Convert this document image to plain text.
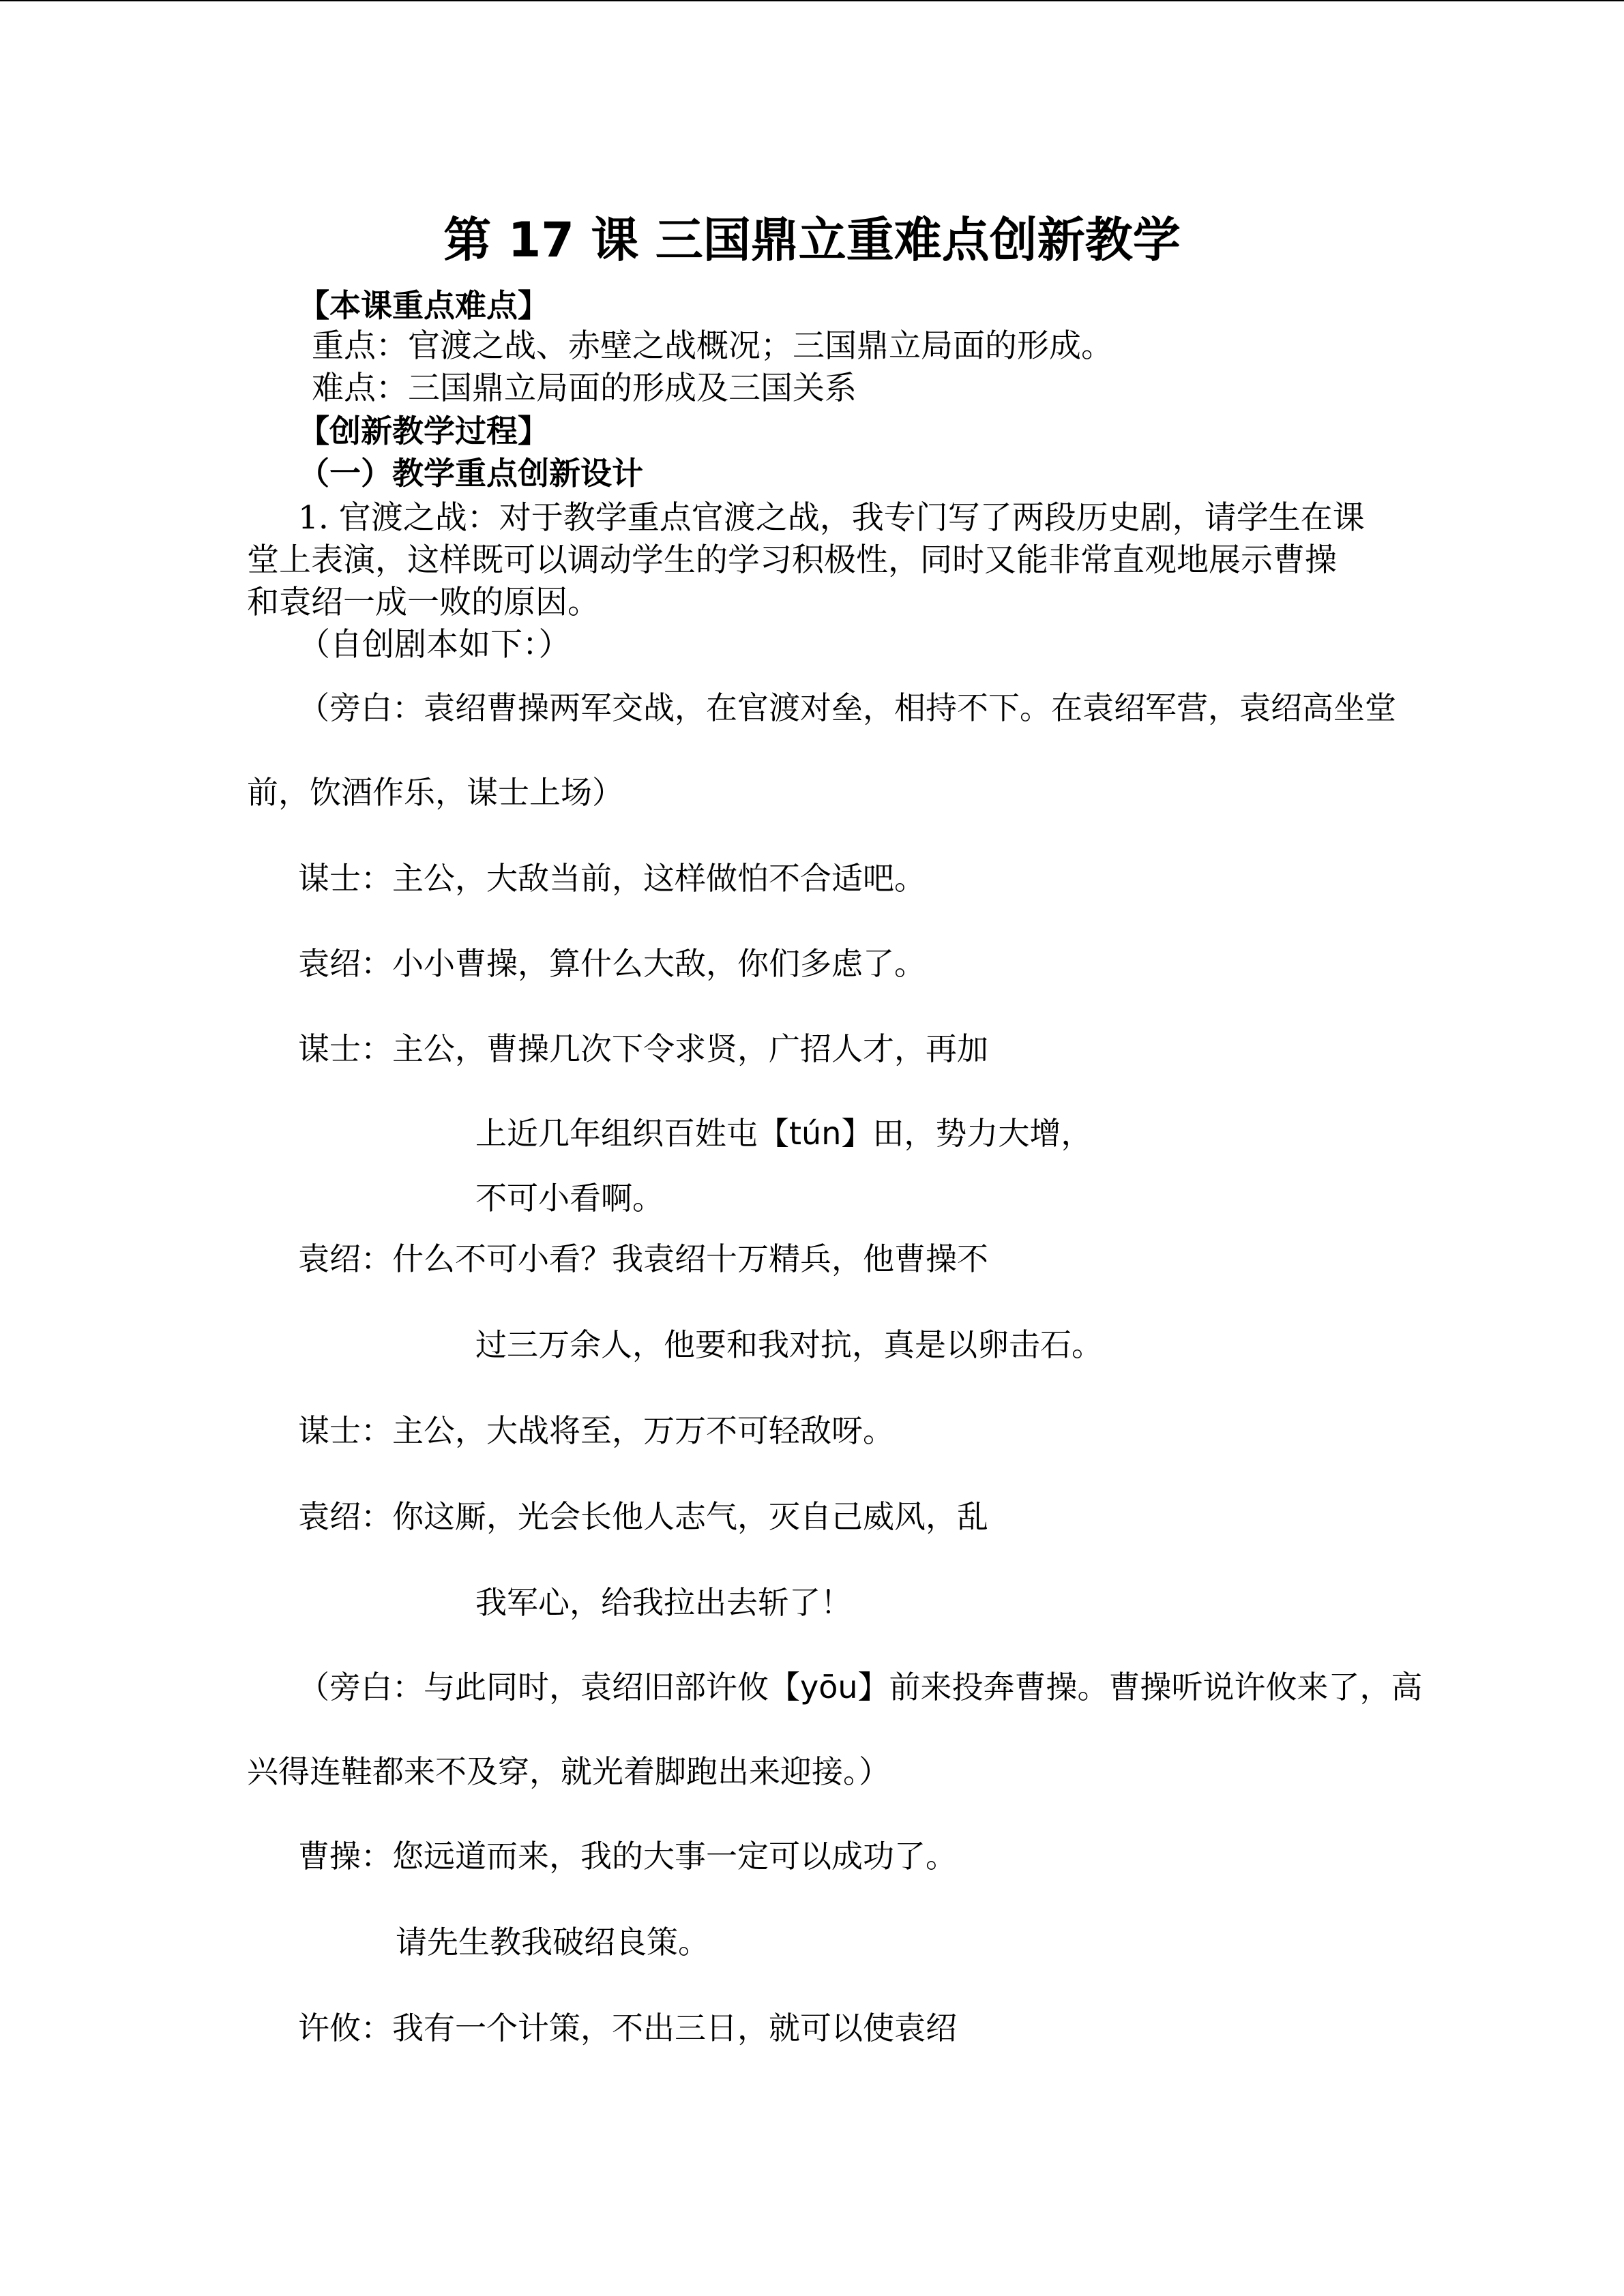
第 17 课 三国鼎立重难点创新教学
【本课重点难点】
重点：官渡之战、赤壁之战概况；三国鼎立局面的形成。
难点：三国鼎立局面的形成及三国关系
【创新教学过程】
（一）教学重点创新设计
1. 官渡之战：对于教学重点官渡之战，我专门写了两段历史剧，请学生在课
堂上表演，这样既可以调动学生的学习积极性，同时又能非常直观地展示曹操
和袁绍一成一败的原因。
（自创剧本如下：）
（旁白：袁绍曹操两军交战，在官渡对垒，相持不下。在袁绍军营，袁绍高坐堂
前，饮酒作乐，谋士上场）
谋士：主公，大敌当前，这样做怕不合适吧。
袁绍：小小曹操，算什么大敌，你们多虑了。
谋士：主公，曹操几次下令求贤，广招人才，再加
上近几年组织百姓屯【tún】田，势力大增，
不可小看啊。
袁绍：什么不可小看？我袁绍十万精兵，他曹操不
过三万余人，他要和我对抗，真是以卵击石。
谋士：主公，大战将至，万万不可轻敌呀。
袁绍：你这厮，光会长他人志气，灭自己威风，乱
我军心，给我拉出去斩了！
（旁白：与此同时，袁绍旧部许攸【yōu】前来投奔曹操。曹操听说许攸来了，高
兴得连鞋都来不及穿，就光着脚跑出来迎接。）
曹操：您远道而来，我的大事一定可以成功了。
请先生教我破绍良策。
许攸：我有一个计策，不出三日，就可以使袁绍
